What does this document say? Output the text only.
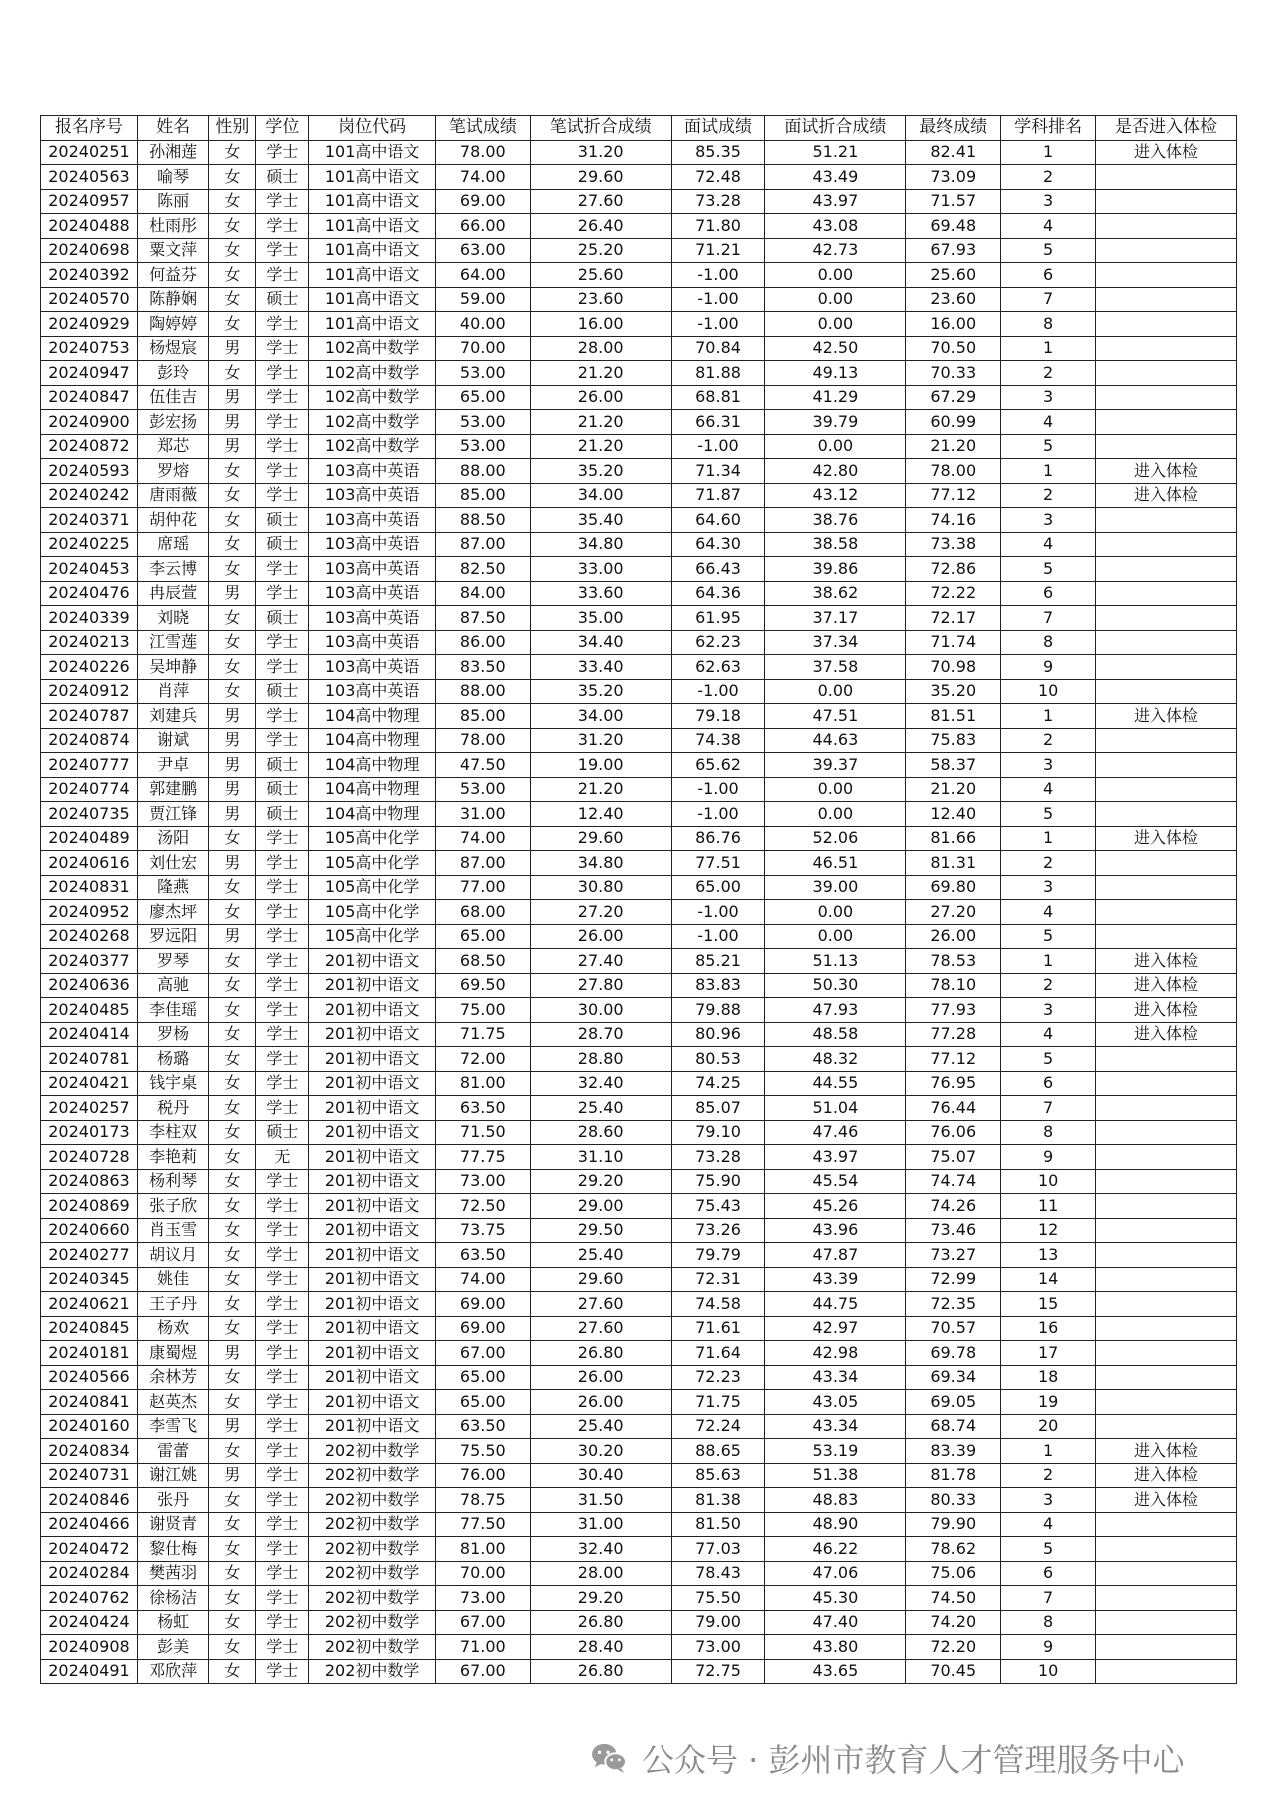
报名序号	姓名	性别	学位	岗位代码	笔试成绩	笔试折合成绩	面试成绩	面试折合成绩	最终成绩	学科排名	是否进入体检
20240251	孙湘莲	女	学士	101高中语文	78.00	31.20	85.35	51.21	82.41	1	进入体检
20240563	喻琴	女	硕士	101高中语文	74.00	29.60	72.48	43.49	73.09	2	
20240957	陈丽	女	学士	101高中语文	69.00	27.60	73.28	43.97	71.57	3	
20240488	杜雨彤	女	学士	101高中语文	66.00	26.40	71.80	43.08	69.48	4	
20240698	粟文萍	女	学士	101高中语文	63.00	25.20	71.21	42.73	67.93	5	
20240392	何益芬	女	学士	101高中语文	64.00	25.60	-1.00	0.00	25.60	6	
20240570	陈静娴	女	硕士	101高中语文	59.00	23.60	-1.00	0.00	23.60	7	
20240929	陶婷婷	女	学士	101高中语文	40.00	16.00	-1.00	0.00	16.00	8	
20240753	杨煜宸	男	学士	102高中数学	70.00	28.00	70.84	42.50	70.50	1	
20240947	彭玲	女	学士	102高中数学	53.00	21.20	81.88	49.13	70.33	2	
20240847	伍佳吉	男	学士	102高中数学	65.00	26.00	68.81	41.29	67.29	3	
20240900	彭宏扬	男	学士	102高中数学	53.00	21.20	66.31	39.79	60.99	4	
20240872	郑芯	男	学士	102高中数学	53.00	21.20	-1.00	0.00	21.20	5	
20240593	罗熔	女	学士	103高中英语	88.00	35.20	71.34	42.80	78.00	1	进入体检
20240242	唐雨薇	女	学士	103高中英语	85.00	34.00	71.87	43.12	77.12	2	进入体检
20240371	胡仲花	女	硕士	103高中英语	88.50	35.40	64.60	38.76	74.16	3	
20240225	席瑶	女	硕士	103高中英语	87.00	34.80	64.30	38.58	73.38	4	
20240453	李云博	女	学士	103高中英语	82.50	33.00	66.43	39.86	72.86	5	
20240476	冉辰萱	男	学士	103高中英语	84.00	33.60	64.36	38.62	72.22	6	
20240339	刘晓	女	硕士	103高中英语	87.50	35.00	61.95	37.17	72.17	7	
20240213	江雪莲	女	学士	103高中英语	86.00	34.40	62.23	37.34	71.74	8	
20240226	吴坤静	女	学士	103高中英语	83.50	33.40	62.63	37.58	70.98	9	
20240912	肖萍	女	硕士	103高中英语	88.00	35.20	-1.00	0.00	35.20	10	
20240787	刘建兵	男	学士	104高中物理	85.00	34.00	79.18	47.51	81.51	1	进入体检
20240874	谢斌	男	学士	104高中物理	78.00	31.20	74.38	44.63	75.83	2	
20240777	尹卓	男	硕士	104高中物理	47.50	19.00	65.62	39.37	58.37	3	
20240774	郭建鹏	男	硕士	104高中物理	53.00	21.20	-1.00	0.00	21.20	4	
20240735	贾江锋	男	硕士	104高中物理	31.00	12.40	-1.00	0.00	12.40	5	
20240489	汤阳	女	学士	105高中化学	74.00	29.60	86.76	52.06	81.66	1	进入体检
20240616	刘仕宏	男	学士	105高中化学	87.00	34.80	77.51	46.51	81.31	2	
20240831	隆燕	女	学士	105高中化学	77.00	30.80	65.00	39.00	69.80	3	
20240952	廖杰坪	女	学士	105高中化学	68.00	27.20	-1.00	0.00	27.20	4	
20240268	罗远阳	男	学士	105高中化学	65.00	26.00	-1.00	0.00	26.00	5	
20240377	罗琴	女	学士	201初中语文	68.50	27.40	85.21	51.13	78.53	1	进入体检
20240636	高驰	女	学士	201初中语文	69.50	27.80	83.83	50.30	78.10	2	进入体检
20240485	李佳瑶	女	学士	201初中语文	75.00	30.00	79.88	47.93	77.93	3	进入体检
20240414	罗杨	女	学士	201初中语文	71.75	28.70	80.96	48.58	77.28	4	进入体检
20240781	杨璐	女	学士	201初中语文	72.00	28.80	80.53	48.32	77.12	5	
20240421	钱宇桌	女	学士	201初中语文	81.00	32.40	74.25	44.55	76.95	6	
20240257	税丹	女	学士	201初中语文	63.50	25.40	85.07	51.04	76.44	7	
20240173	李柱双	女	硕士	201初中语文	71.50	28.60	79.10	47.46	76.06	8	
20240728	李艳莉	女	无	201初中语文	77.75	31.10	73.28	43.97	75.07	9	
20240863	杨利琴	女	学士	201初中语文	73.00	29.20	75.90	45.54	74.74	10	
20240869	张子欣	女	学士	201初中语文	72.50	29.00	75.43	45.26	74.26	11	
20240660	肖玉雪	女	学士	201初中语文	73.75	29.50	73.26	43.96	73.46	12	
20240277	胡议月	女	学士	201初中语文	63.50	25.40	79.79	47.87	73.27	13	
20240345	姚佳	女	学士	201初中语文	74.00	29.60	72.31	43.39	72.99	14	
20240621	王子丹	女	学士	201初中语文	69.00	27.60	74.58	44.75	72.35	15	
20240845	杨欢	女	学士	201初中语文	69.00	27.60	71.61	42.97	70.57	16	
20240181	康蜀煜	男	学士	201初中语文	67.00	26.80	71.64	42.98	69.78	17	
20240566	余林芳	女	学士	201初中语文	65.00	26.00	72.23	43.34	69.34	18	
20240841	赵英杰	女	学士	201初中语文	65.00	26.00	71.75	43.05	69.05	19	
20240160	李雪飞	男	学士	201初中语文	63.50	25.40	72.24	43.34	68.74	20	
20240834	雷蕾	女	学士	202初中数学	75.50	30.20	88.65	53.19	83.39	1	进入体检
20240731	谢江姚	男	学士	202初中数学	76.00	30.40	85.63	51.38	81.78	2	进入体检
20240846	张丹	女	学士	202初中数学	78.75	31.50	81.38	48.83	80.33	3	进入体检
20240466	谢贤青	女	学士	202初中数学	77.50	31.00	81.50	48.90	79.90	4	
20240472	黎仕梅	女	学士	202初中数学	81.00	32.40	77.03	46.22	78.62	5	
20240284	樊茜羽	女	学士	202初中数学	70.00	28.00	78.43	47.06	75.06	6	
20240762	徐杨洁	女	学士	202初中数学	73.00	29.20	75.50	45.30	74.50	7	
20240424	杨虹	女	学士	202初中数学	67.00	26.80	79.00	47.40	74.20	8	
20240908	彭美	女	学士	202初中数学	71.00	28.40	73.00	43.80	72.20	9	
20240491	邓欣萍	女	学士	202初中数学	67.00	26.80	72.75	43.65	70.45	10	
公众号 · 彭州市教育人才管理服务中心
